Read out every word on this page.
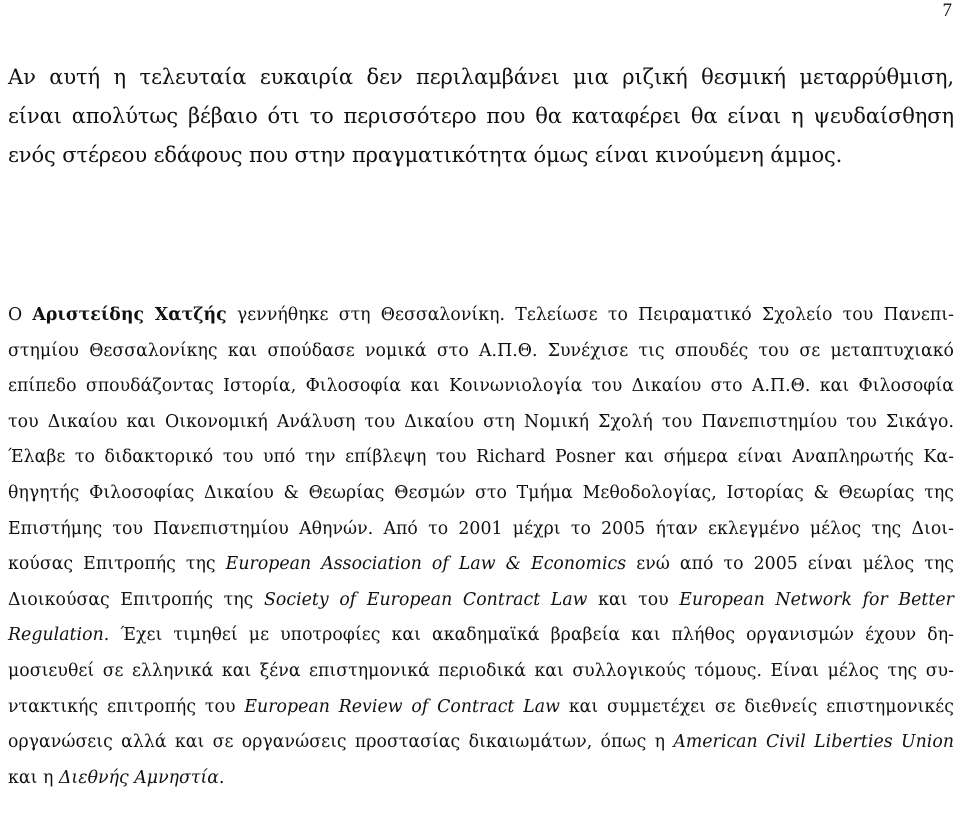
7
Αν αυτή η τελευταία ευκαιρία δεν περιλαμβάνει μια ριζική θεσμική μεταρρύθμιση,
είναι απολύτως βέβαιο ότι το περισσότερο που θα καταφέρει θα είναι η ψευδαίσθηση
ενός στέρεου εδάφους που στην πραγματικότητα όμως είναι κινούμενη άμμος.
Ο Αριστείδης Χατζής γεννήθηκε στη Θεσσαλονίκη. Τελείωσε το Πειραματικό Σχολείο του Πανεπι-
στημίου Θεσσαλονίκης και σπούδασε νομικά στο Α.Π.Θ. Συνέχισε τις σπουδές του σε μεταπτυχιακό
επίπεδο σπουδάζοντας Ιστορία, Φιλοσοφία και Κοινωνιολογία του Δικαίου στο Α.Π.Θ. και Φιλοσοφία
του Δικαίου και Οικονομική Ανάλυση του Δικαίου στη Νομική Σχολή του Πανεπιστημίου του Σικάγο.
Έλαβε το διδακτορικό του υπό την επίβλεψη του Richard Posner και σήμερα είναι Αναπληρωτής Κα-
θηγητής Φιλοσοφίας Δικαίου & Θεωρίας Θεσμών στο Τμήμα Μεθοδολογίας, Ιστορίας & Θεωρίας της
Επιστήμης του Πανεπιστημίου Αθηνών. Από το 2001 μέχρι το 2005 ήταν εκλεγμένο μέλος της Διοι-
κούσας Επιτροπής της European Association of Law & Economics ενώ από το 2005 είναι μέλος της
Διοικούσας Επιτροπής της Society of European Contract Law και του European Network for Better
Regulation. Έχει τιμηθεί με υποτροφίες και ακαδημαϊκά βραβεία και πλήθος οργανισμών έχουν δη-
μοσιευθεί σε ελληνικά και ξένα επιστημονικά περιοδικά και συλλογικούς τόμους. Είναι μέλος της συ-
ντακτικής επιτροπής του European Review of Contract Law και συμμετέχει σε διεθνείς επιστημονικές
οργανώσεις αλλά και σε οργανώσεις προστασίας δικαιωμάτων, όπως η American Civil Liberties Union
και η Διεθνής Αμνηστία.
